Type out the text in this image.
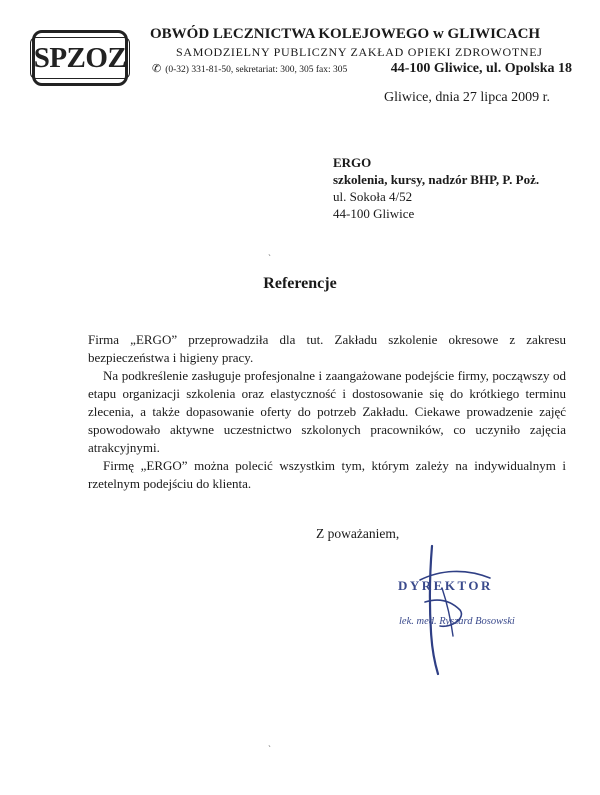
SPZOZ
OBWÓD LECZNICTWA KOLEJOWEGO w GLIWICACH
SAMODZIELNY PUBLICZNY ZAKŁAD OPIEKI ZDROWOTNEJ
✆ (0-32) 331-81-50, sekretariat: 300, 305 fax: 305	44-100 Gliwice, ul. Opolska 18
Gliwice, dnia 27 lipca 2009 r.
ERGO
szkolenia, kursy, nadzór BHP, P. Poż.
ul. Sokoła 4/52
44-100 Gliwice
Referencje

Firma „ERGO” przeprowadziła dla tut. Zakładu szkolenie okresowe z zakresu bezpieczeństwa i higieny pracy.

Na podkreślenie zasługuje profesjonalne i zaangażowane podejście firmy, począwszy od etapu organizacji szkolenia oraz elastyczność i dostosowanie się do krótkiego terminu zlecenia, a także dopasowanie oferty do potrzeb Zakładu. Ciekawe prowadzenie zajęć spowodowało aktywne uczestnictwo szkolonych pracowników, co uczyniło zajęcia atrakcyjnymi.

Firmę „ERGO” można polecić wszystkim tym, którym zależy na indywidualnym i rzetelnym podejściu do klienta.

Z poważaniem,
DYREKTOR
lek. med. Ryszard Bosowski
`
`
